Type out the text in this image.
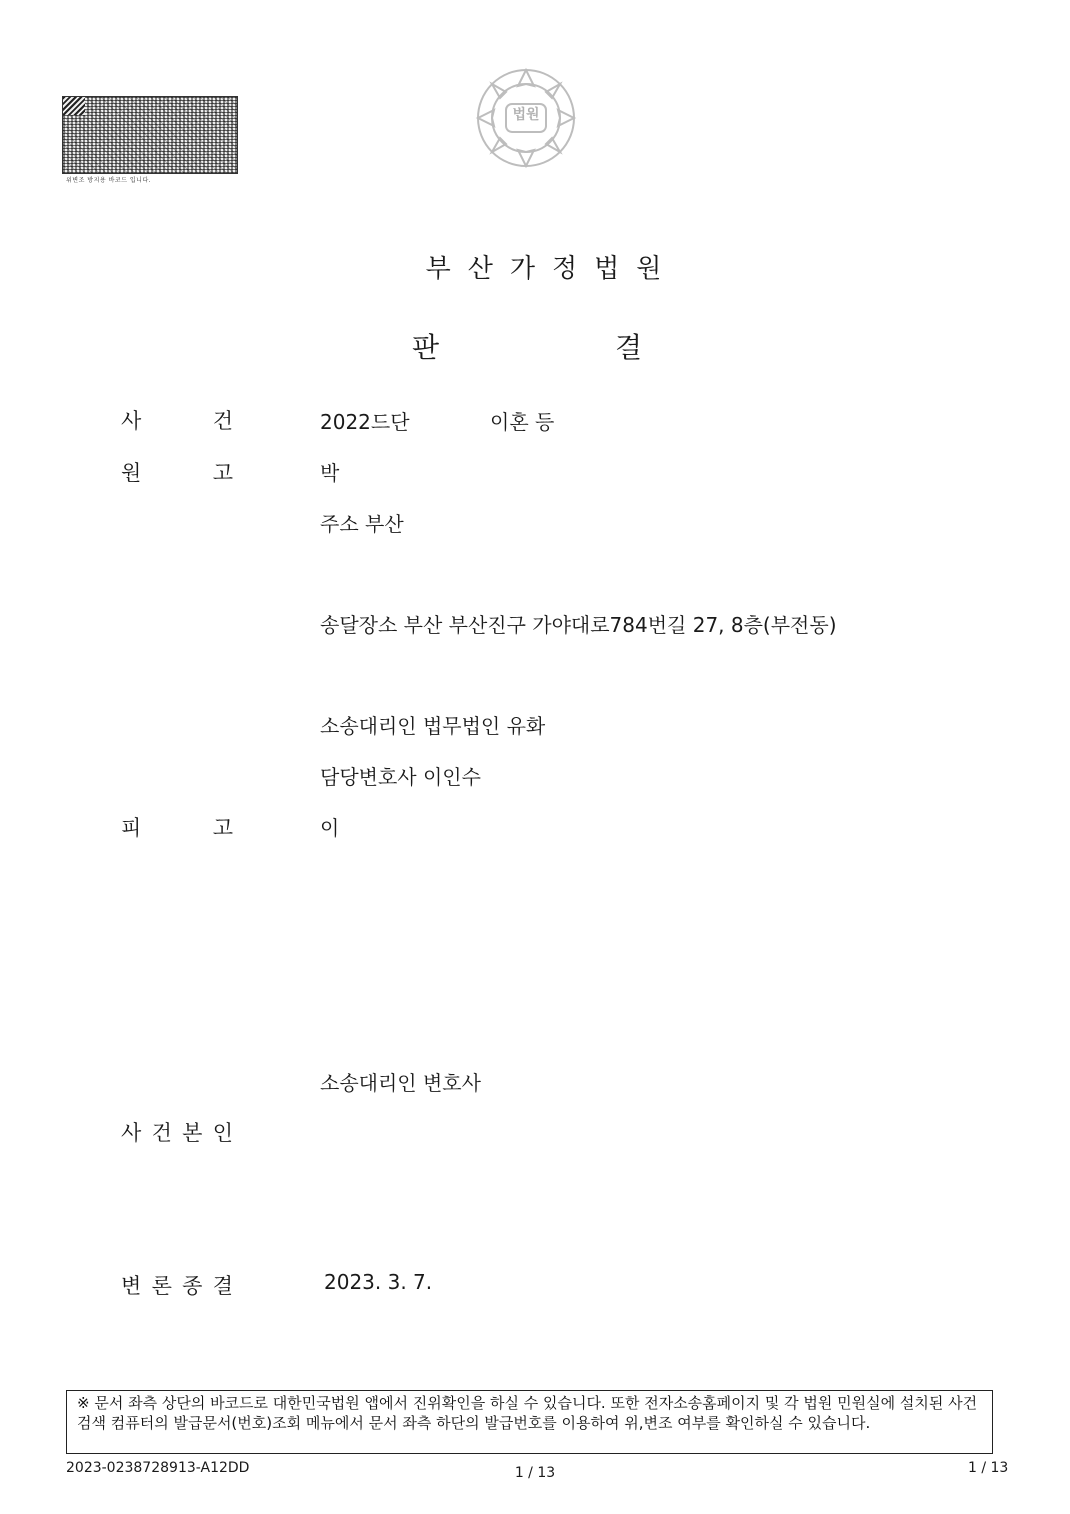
위변조 방지용 바코드 입니다.
법원
부산가정법원
판	결
사	건	2022드단	이혼 등
원	고	박
주소 부산
송달장소 부산 부산진구 가야대로784번길 27, 8층(부전동)
소송대리인 법무법인 유화
담당변호사 이인수
피	고	이
소송대리인 변호사
사 건 본 인
변 론 종 결	2023. 3. 7.
※ 문서 좌측 상단의 바코드로 대한민국법원 앱에서 진위확인을 하실 수 있습니다. 또한 전자소송홈페이지 및 각 법원 민원실에 설치된 사건검색 컴퓨터의 발급문서(번호)조회 메뉴에서 문서 좌측 하단의 발급번호를 이용하여 위,변조 여부를 확인하실 수 있습니다.
2023-0238728913-A12DD	1 / 13	1 / 13
